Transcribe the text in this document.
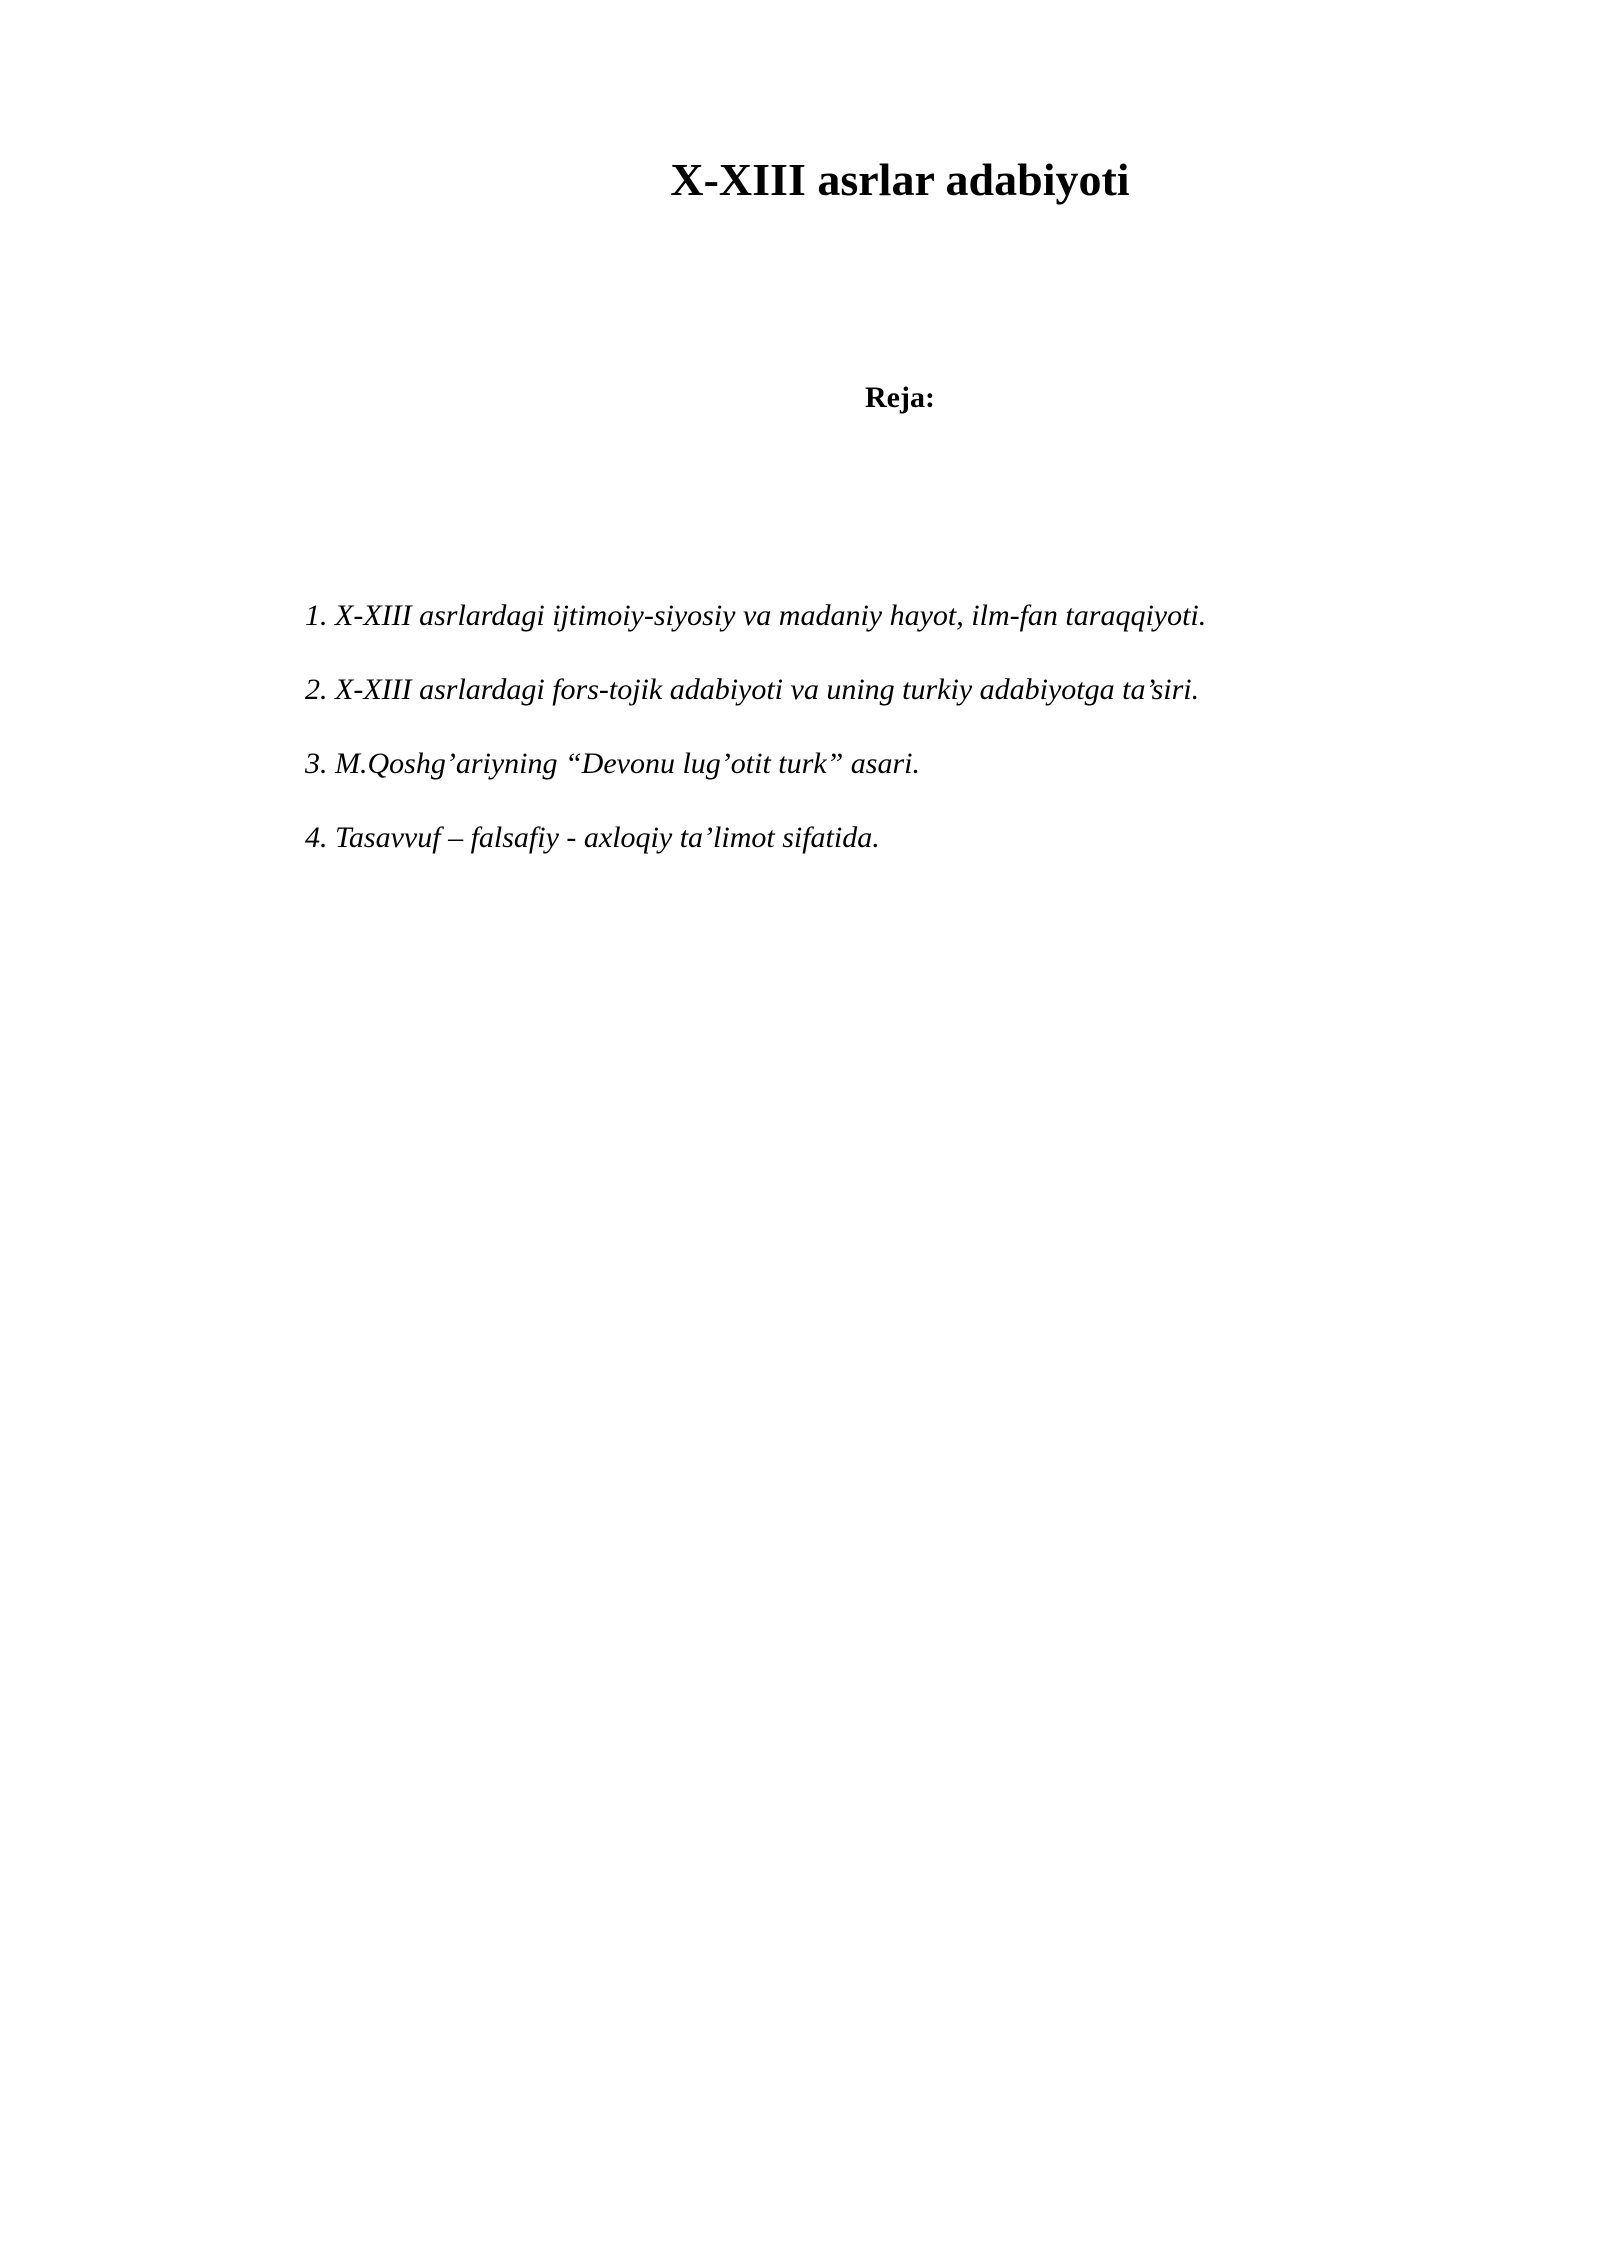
X-XIII asrlar adabiyoti
Reja:
1. X-XIII asrlardagi ijtimoiy-siyosiy va madaniy hayot, ilm-fan taraqqiyoti.
2. X-XIII asrlardagi fors-tojik adabiyoti va uning turkiy adabiyotga ta’siri.
3. M.Qoshg’ariyning “Devonu lug’otit turk” asari.
4. Tasavvuf – falsafiy - axloqiy ta’limot sifatida.
